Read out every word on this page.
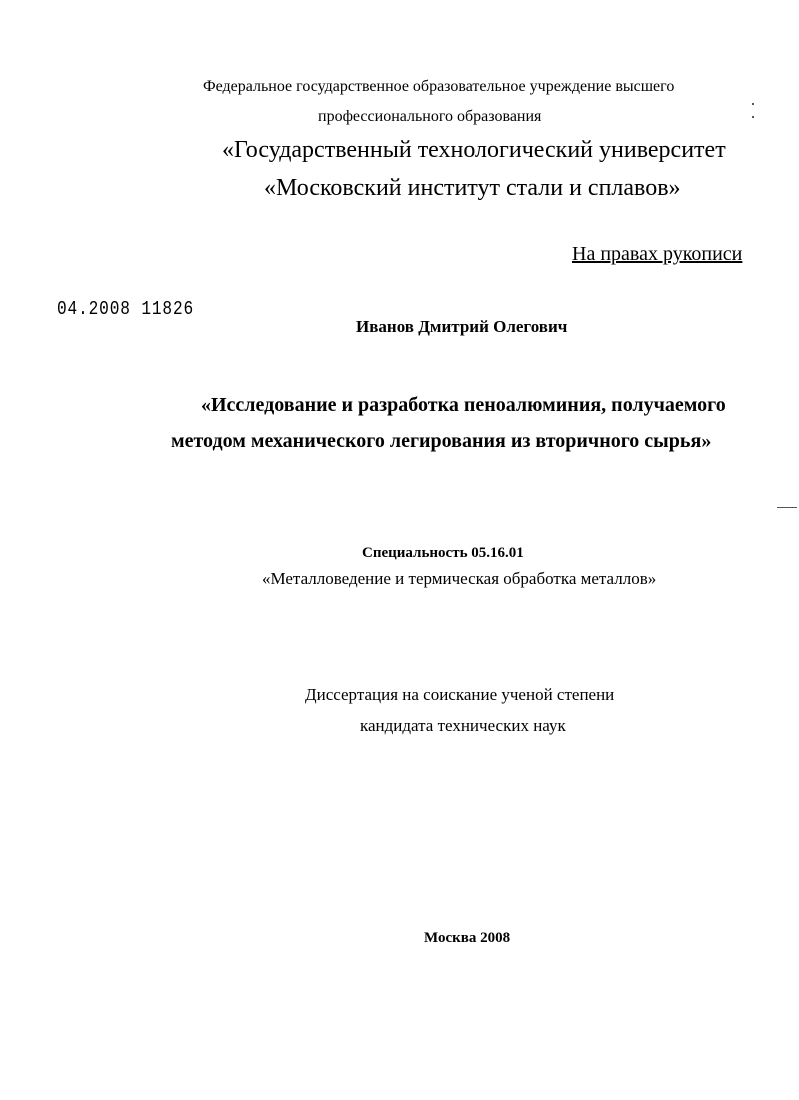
Федеральное государственное образовательное учреждение высшего
профессионального образования
«Государственный технологический университет
«Московский институт стали и сплавов»
На правах рукописи
04.2008 11826
Иванов Дмитрий Олегович
«Исследование и разработка пеноалюминия, получаемого
методом механического легирования из вторичного сырья»
Специальность 05.16.01
«Металловедение и термическая обработка металлов»
Диссертация на соискание ученой степени
кандидата технических наук
Москва 2008
